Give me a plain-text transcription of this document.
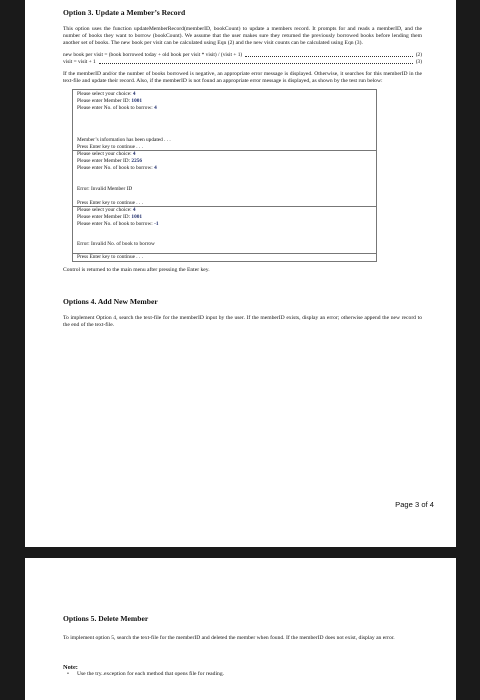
Option 3. Update a Member’s Record

This option uses the function updateMemberRecord(memberID, bookCount) to update a members record. It prompts for and reads a memberID, and the number of books they want to borrow (bookCount). We assume that the user makes sure they returned the previously borrowed books before lending them another set of books. The new book per visit can be calculated using Eqn (2) and the new visit counts can be calculated using Eqn (3).

new book per visit = (book borrowed today + old book per visit * visit) / (visit + 1)	(2)
visit = visit + 1	(3)

If the memberID and/or the number of books borrowed is negative, an appropriate error message is displayed. Otherwise, it searches for this memberID in the text-file and update their record. Also, if the memberID is not found an appropriate error message is displayed, as shown by the test run below:

Please select your choice: 4
Please enter Member ID: 1001
Please enter No. of book to borrow: 4
Member’s information has been updated . . .
Press Enter key to continue . . .
Please select your choice: 4
Please enter Member ID: 2256
Please enter No. of book to borrow: 4
Error: Invalid Member ID
Press Enter key to continue . . .
Please select your choice: 4
Please enter Member ID: 1001
Please enter No. of book to borrow: -1
Error: Invalid No. of book to borrow
Press Enter key to continue . . .

Control is returned to the main menu after pressing the Enter key.

Options 4. Add New Member

To implement Option 4, search the text-file for the memberID input by the user. If the memberID exists, display an error; otherwise append the new record to the end of the text-file.

Page 3 of 4

Options 5. Delete Member

To implement option 5, search the text-file for the memberID and deleted the member when found. If the memberID does not exist, display an error.

Note:

• Use the try..exception for each method that opens file for reading.
